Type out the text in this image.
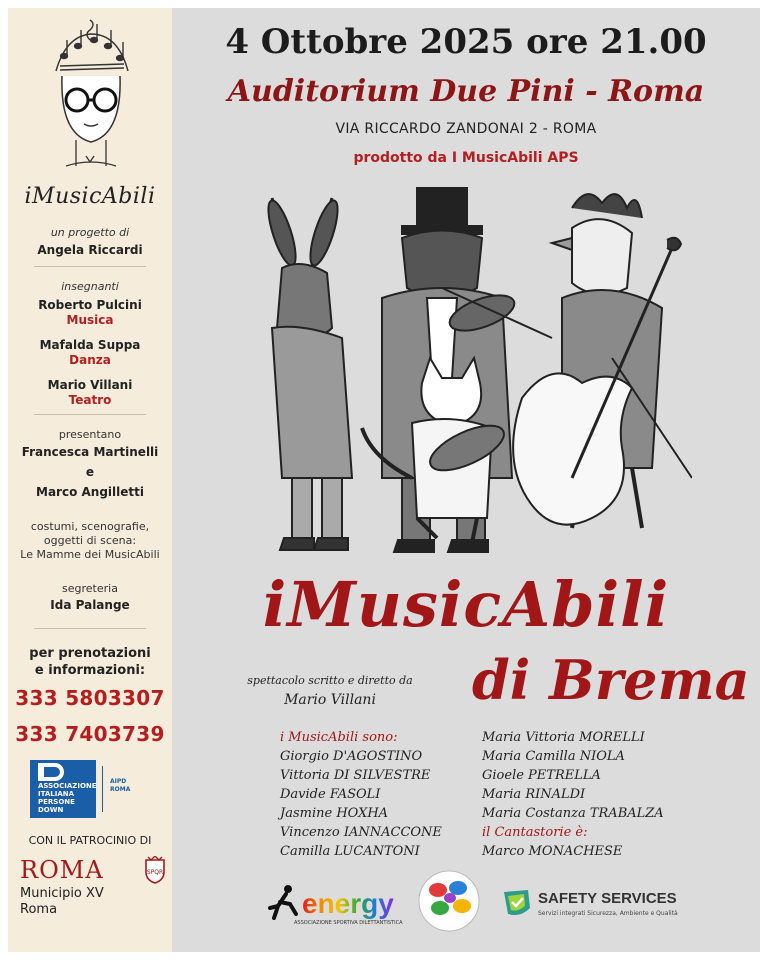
iMusicAbili
un progetto di
Angela Riccardi
insegnanti
Roberto Pulcini
Musica
Mafalda Suppa
Danza
Mario Villani
Teatro
presentano
Francesca Martinelli
e
Marco Angilletti
costumi, scenografie,
oggetti di scena:
Le Mamme dei MusicAbili
segreteria
Ida Palange
per prenotazioni
e informazioni:
333 5803307
333 7403739
ASSOCIAZIONE
ITALIANA
PERSONE
DOWN
AIPD
ROMA
CON IL PATROCINIO DI
ROMA	SPQR
Municipio XV
Roma
4 Ottobre 2025 ore 21.00
Auditorium Due Pini - Roma
VIA RICCARDO ZANDONAI 2 - ROMA
prodotto da I MusicAbili APS
iMusicAbili
spettacolo scritto e diretto da
Mario Villani	di Brema
i MusicAbili sono:
Giorgio D'AGOSTINO
Vittoria DI SILVESTRE
Davide FASOLI
Jasmine HOXHA
Vincenzo IANNACCONE
Camilla LUCANTONI
Maria Vittoria MORELLI
Maria Camilla NIOLA
Gioele PETRELLA
Maria RINALDI
Maria Costanza TRABALZA
il Cantastorie è:
Marco MONACHESE
energy
ASSOCIAZIONE SPORTIVA DILETTANTISTICA
SAFETY SERVICES
Servizi integrati Sicurezza, Ambiente e Qualità
